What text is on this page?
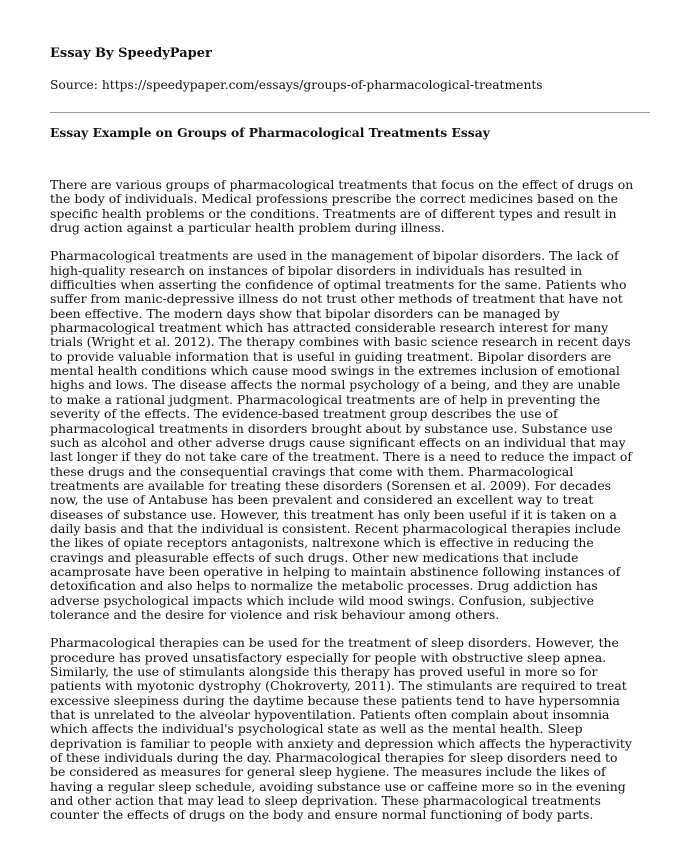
Essay By SpeedyPaper
Source: https://speedypaper.com/essays/groups-of-pharmacological-treatments
Essay Example on Groups of Pharmacological Treatments Essay

There are various groups of pharmacological treatments that focus on the effect of drugs on the body of individuals. Medical professions prescribe the correct medicines based on the specific health problems or the conditions. Treatments are of different types and result in drug action against a particular health problem during illness.

Pharmacological treatments are used in the management of bipolar disorders. The lack of high-quality research on instances of bipolar disorders in individuals has resulted in difficulties when asserting the confidence of optimal treatments for the same. Patients who suffer from manic-depressive illness do not trust other methods of treatment that have not been effective. The modern days show that bipolar disorders can be managed by pharmacological treatment which has attracted considerable research interest for many trials (Wright et al. 2012). The therapy combines with basic science research in recent days to provide valuable information that is useful in guiding treatment. Bipolar disorders are mental health conditions which cause mood swings in the extremes inclusion of emotional highs and lows. The disease affects the normal psychology of a being, and they are unable to make a rational judgment. Pharmacological treatments are of help in preventing the severity of the effects. The evidence-based treatment group describes the use of pharmacological treatments in disorders brought about by substance use. Substance use such as alcohol and other adverse drugs cause significant effects on an individual that may last longer if they do not take care of the treatment. There is a need to reduce the impact of these drugs and the consequential cravings that come with them. Pharmacological treatments are available for treating these disorders (Sorensen et al. 2009). For decades now, the use of Antabuse has been prevalent and considered an excellent way to treat diseases of substance use. However, this treatment has only been useful if it is taken on a daily basis and that the individual is consistent. Recent pharmacological therapies include the likes of opiate receptors antagonists, naltrexone which is effective in reducing the cravings and pleasurable effects of such drugs. Other new medications that include acamprosate have been operative in helping to maintain abstinence following instances of detoxification and also helps to normalize the metabolic processes. Drug addiction has adverse psychological impacts which include wild mood swings. Confusion, subjective tolerance and the desire for violence and risk behaviour among others.

Pharmacological therapies can be used for the treatment of sleep disorders. However, the procedure has proved unsatisfactory especially for people with obstructive sleep apnea. Similarly, the use of stimulants alongside this therapy has proved useful in more so for patients with myotonic dystrophy (Chokroverty, 2011). The stimulants are required to treat excessive sleepiness during the daytime because these patients tend to have hypersomnia that is unrelated to the alveolar hypoventilation. Patients often complain about insomnia which affects the individual's psychological state as well as the mental health. Sleep deprivation is familiar to people with anxiety and depression which affects the hyperactivity of these individuals during the day. Pharmacological therapies for sleep disorders need to be considered as measures for general sleep hygiene. The measures include the likes of having a regular sleep schedule, avoiding substance use or caffeine more so in the evening and other action that may lead to sleep deprivation. These pharmacological treatments counter the effects of drugs on the body and ensure normal functioning of body parts.
